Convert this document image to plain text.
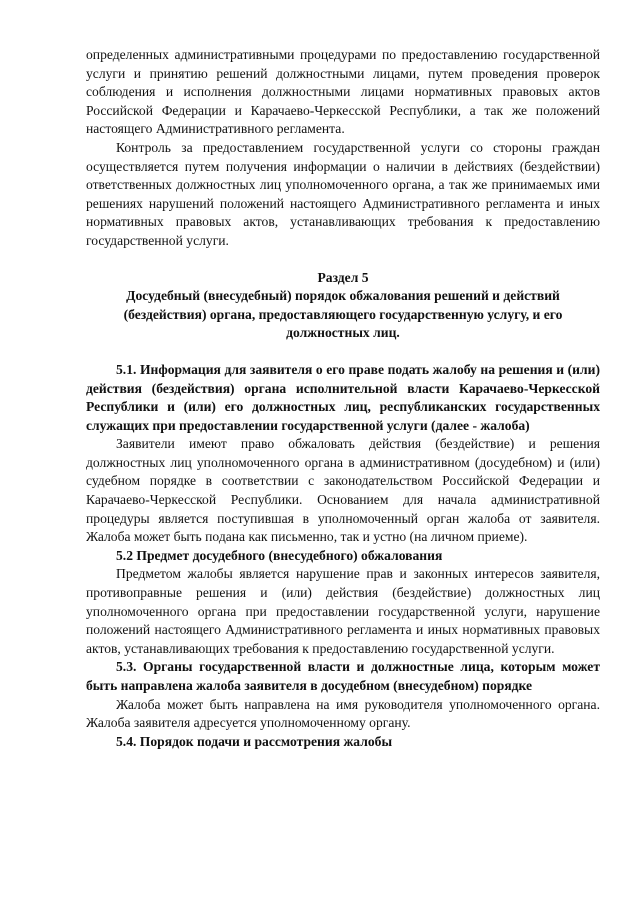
определенных административными процедурами по предоставлению государственной услуги и принятию решений должностными лицами, путем проведения проверок соблюдения и исполнения должностными лицами нормативных правовых актов Российской Федерации и Карачаево-Черкесской Республики, а так же положений настоящего Административного регламента.

Контроль за предоставлением государственной услуги со стороны граждан осуществляется путем получения информации о наличии в действиях (бездействии) ответственных должностных лиц уполномоченного органа, а так же принимаемых ими решениях нарушений положений настоящего Административного регламента и иных нормативных правовых актов, устанавливающих требования к предоставлению государственной услуги.

Раздел 5

Досудебный (внесудебный) порядок обжалования решений и действий (бездействия) органа, предоставляющего государственную услугу, и его должностных лиц.

5.1. Информация для заявителя о его праве подать жалобу на решения и (или) действия (бездействия) органа исполнительной власти Карачаево-Черкесской Республики и (или) его должностных лиц, республиканских государственных служащих при предоставлении государственной услуги (далее - жалоба)

Заявители имеют право обжаловать действия (бездействие) и решения должностных лиц уполномоченного органа в административном (досудебном) и (или) судебном порядке в соответствии с законодательством Российской Федерации и Карачаево-Черкесской Республики. Основанием для начала административной процедуры является поступившая в уполномоченный орган жалоба от заявителя. Жалоба может быть подана как письменно, так и устно (на личном приеме).

5.2 Предмет досудебного (внесудебного) обжалования

Предметом жалобы является нарушение прав и законных интересов заявителя, противоправные решения и (или) действия (бездействие) должностных лиц уполномоченного органа при предоставлении государственной услуги, нарушение положений настоящего Административного регламента и иных нормативных правовых актов, устанавливающих требования к предоставлению государственной услуги.

5.3. Органы государственной власти и должностные лица, которым может быть направлена жалоба заявителя в досудебном (внесудебном) порядке

Жалоба может быть направлена на имя руководителя уполномоченного органа. Жалоба заявителя адресуется уполномоченному органу.

5.4. Порядок подачи и рассмотрения жалобы
